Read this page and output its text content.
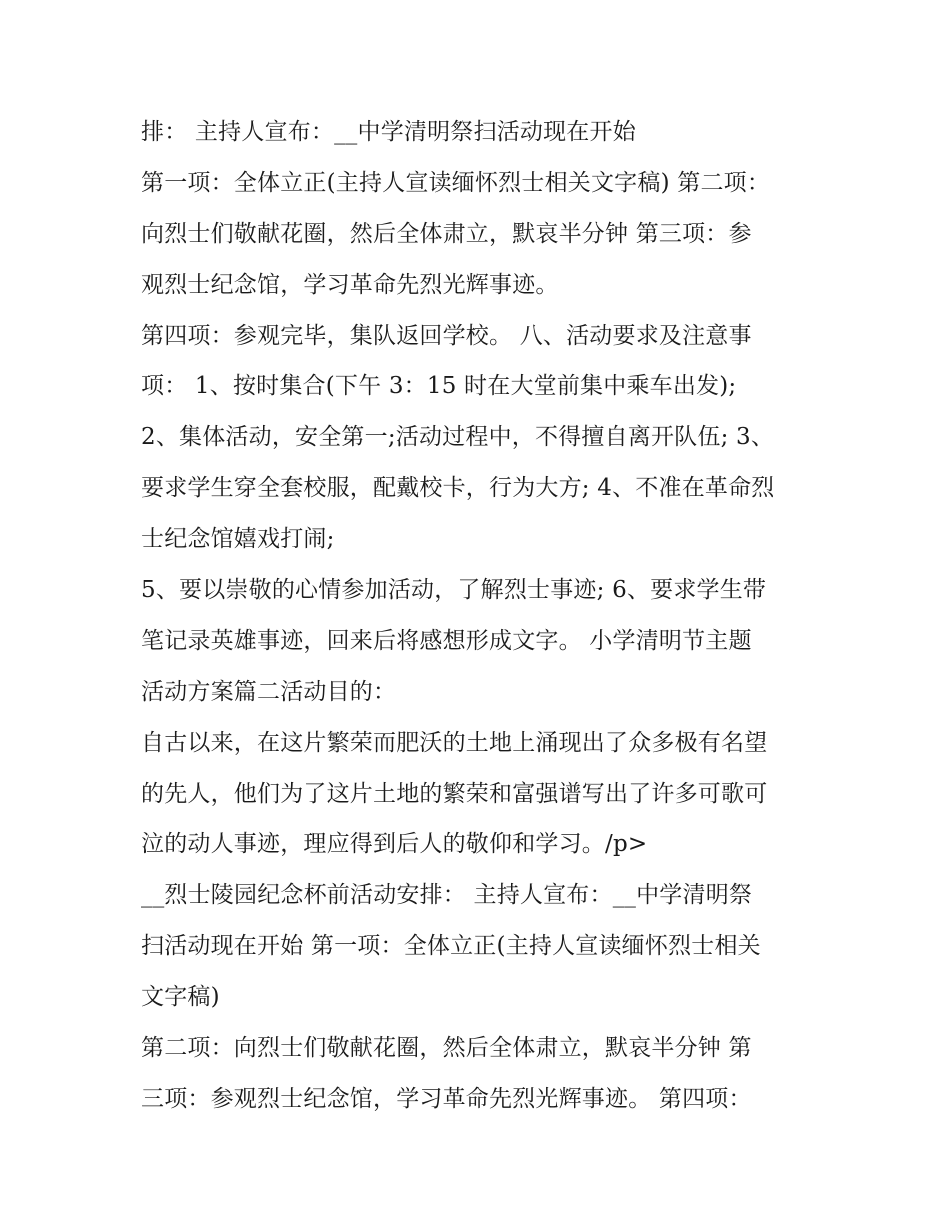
排： 主持人宣布：__中学清明祭扫活动现在开始
第一项：全体立正(主持人宣读缅怀烈士相关文字稿) 第二项：
向烈士们敬献花圈，然后全体肃立，默哀半分钟 第三项：参
观烈士纪念馆，学习革命先烈光辉事迹。
第四项：参观完毕，集队返回学校。 八、活动要求及注意事
项： 1、按时集合(下午 3：15 时在大堂前集中乘车出发);
2、集体活动，安全第一;活动过程中，不得擅自离开队伍; 3、
要求学生穿全套校服，配戴校卡，行为大方; 4、不准在革命烈
士纪念馆嬉戏打闹;
5、要以崇敬的心情参加活动，了解烈士事迹; 6、要求学生带
笔记录英雄事迹，回来后将感想形成文字。 小学清明节主题
活动方案篇二活动目的：
自古以来，在这片繁荣而肥沃的土地上涌现出了众多极有名望
的先人，他们为了这片土地的繁荣和富强谱写出了许多可歌可
泣的动人事迹，理应得到后人的敬仰和学习。/p>
__烈士陵园纪念杯前活动安排： 主持人宣布：__中学清明祭
扫活动现在开始 第一项：全体立正(主持人宣读缅怀烈士相关
文字稿)
第二项：向烈士们敬献花圈，然后全体肃立，默哀半分钟 第
三项：参观烈士纪念馆，学习革命先烈光辉事迹。 第四项：
